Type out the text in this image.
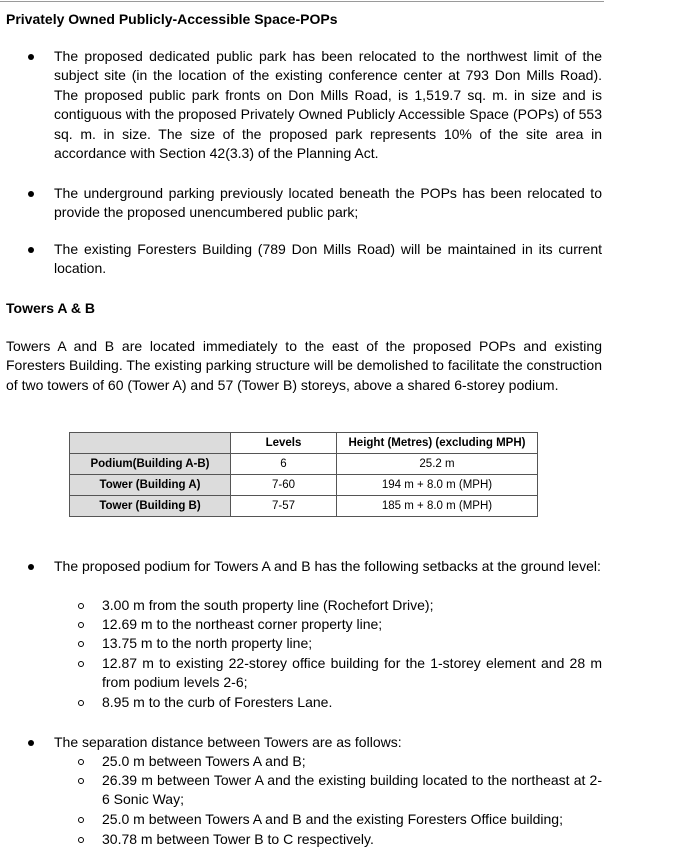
Privately Owned Publicly-Accessible Space-POPs
The proposed dedicated public park has been relocated to the northwest limit of the subject site (in the location of the existing conference center at 793 Don Mills Road). The proposed public park fronts on Don Mills Road, is 1,519.7 sq. m. in size and is contiguous with the proposed Privately Owned Publicly Accessible Space (POPs) of 553 sq. m. in size. The size of the proposed park represents 10% of the site area in accordance with Section 42(3.3) of the Planning Act.
The underground parking previously located beneath the POPs has been relocated to provide the proposed unencumbered public park;
The existing Foresters Building (789 Don Mills Road) will be maintained in its current location.
Towers A & B
Towers A and B are located immediately to the east of the proposed POPs and existing Foresters Building. The existing parking structure will be demolished to facilitate the construction of two towers of 60 (Tower A) and 57 (Tower B) storeys, above a shared 6-storey podium.
	Levels	Height (Metres) (excluding MPH)
Podium(Building A-B)	6	25.2 m
Tower (Building A)	7-60	194 m + 8.0 m (MPH)
Tower (Building B)	7-57	185 m + 8.0 m (MPH)
The proposed podium for Towers A and B has the following setbacks at the ground level:
3.00 m from the south property line (Rochefort Drive);
12.69 m to the northeast corner property line;
13.75 m to the north property line;
12.87 m to existing 22-storey office building for the 1-storey element and 28 m from podium levels 2-6;
8.95 m to the curb of Foresters Lane.
The separation distance between Towers are as follows:
25.0 m between Towers A and B;
26.39 m between Tower A and the existing building located to the northeast at 2-6 Sonic Way;
25.0 m between Towers A and B and the existing Foresters Office building;
30.78 m between Tower B to C respectively.
